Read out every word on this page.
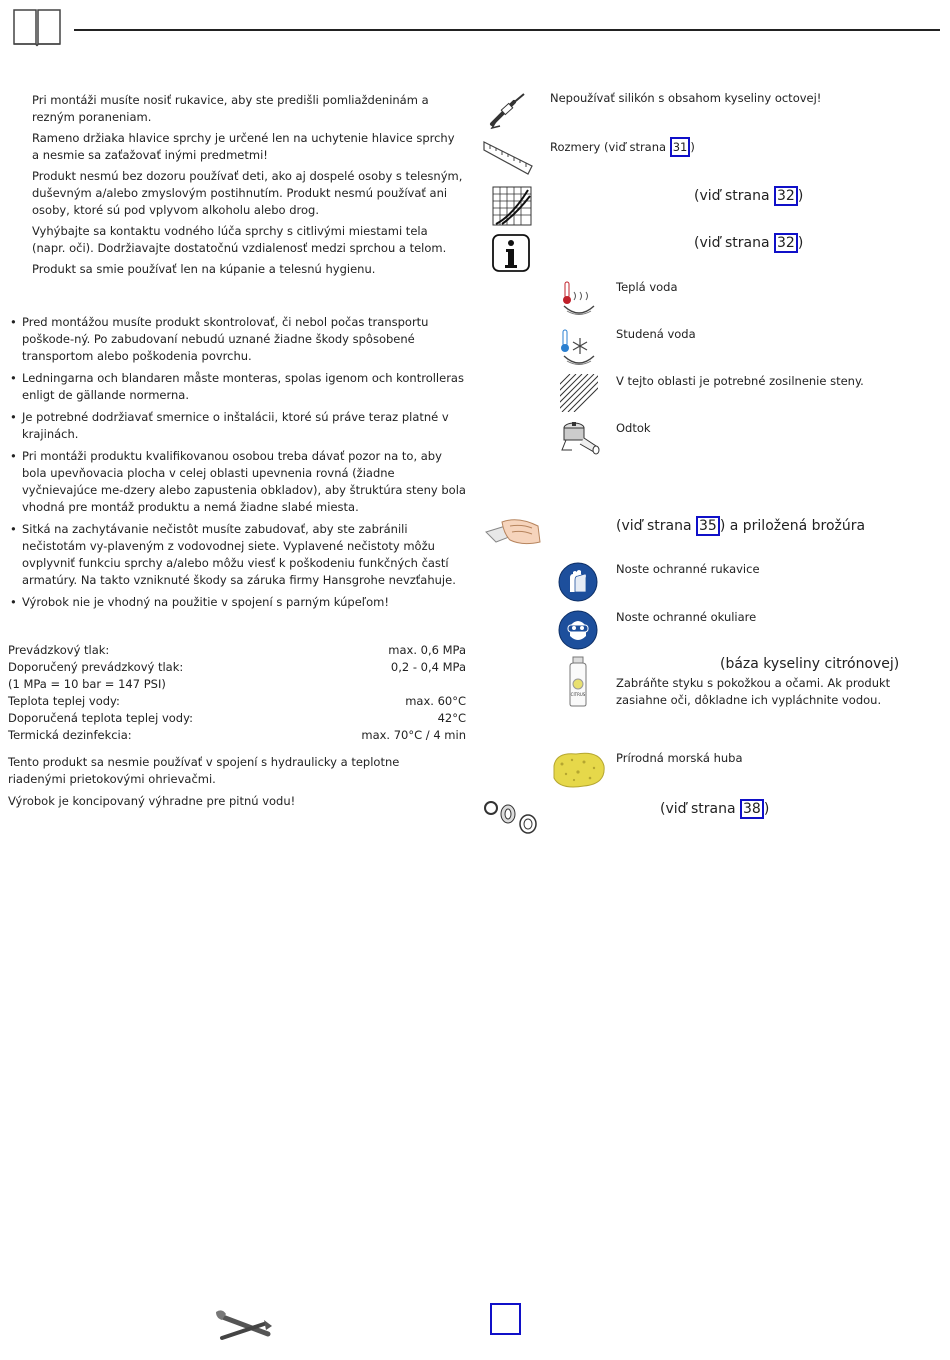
Pri montáži musíte nosiť rukavice, aby ste predišli pomliaždeninám a rezným poraneniam.

Rameno držiaka hlavice sprchy je určené len na uchytenie hlavice sprchy a nesmie sa zaťažovať inými predmetmi!

Produkt nesmú bez dozoru používať deti, ako aj dospelé osoby s telesným, duševným a/alebo zmyslovým postihnutím. Produkt nesmú používať ani osoby, ktoré sú pod vplyvom alkoholu alebo drog.

Vyhýbajte sa kontaktu vodného lúča sprchy s citlivými miestami tela (napr. oči). Dodržiavajte dostatočnú vzdialenosť medzi sprchou a telom.

Produkt sa smie používať len na kúpanie a telesnú hygienu.

• Pred montážou musíte produkt skontrolovať, či nebol počas transportu poškode-ný. Po zabudovaní nebudú uznané žiadne škody spôsobené transportom alebo poškodenia povrchu.
• Ledningarna och blandaren måste monteras, spolas igenom och kontrolleras enligt de gällande normerna.
• Je potrebné dodržiavať smernice o inštalácii, ktoré sú práve teraz platné v krajinách.
• Pri montáži produktu kvalifikovanou osobou treba dávať pozor na to, aby bola upevňovacia plocha v celej oblasti upevnenia rovná (žiadne vyčnievajúce me-dzery alebo zapustenia obkladov), aby štruktúra steny bola vhodná pre montáž produktu a nemá žiadne slabé miesta.
• Sitká na zachytávanie nečistôt musíte zabudovať, aby ste zabránili nečistotám vy-plaveným z vodovodnej siete. Vyplavené nečistoty môžu ovplyvniť funkciu sprchy a/alebo môžu viesť k poškodeniu funkčných častí armatúry. Na takto vzniknuté škody sa záruka firmy Hansgrohe nevzťahuje.
• Výrobok nie je vhodný na použitie v spojení s parným kúpeľom!
Prevádzkový tlak:	max. 0,6 MPa
Doporučený prevádzkový tlak:	0,2 - 0,4 MPa
(1 MPa = 10 bar = 147 PSI)
Teplota teplej vody:	max. 60°C
Doporučená teplota teplej vody:	42°C
Termická dezinfekcia:	max. 70°C / 4 min

Tento produkt sa nesmie používať v spojení s hydraulicky a teplotne riadenými prietokovými ohrievačmi.

Výrobok je koncipovaný výhradne pre pitnú vodu!

Nepoužívať silikón s obsahom kyseliny octovej!
Rozmery (viď strana 31 )
(viď strana 32 )
(viď strana 32 )
Teplá voda
Studená voda
V tejto oblasti je potrebné zosilnenie steny.
Odtok
(viď strana 35 ) a priložená brožúra
Noste ochranné rukavice
Noste ochranné okuliare
CITRUS
(báza kyseliny citrónovej)
Zabráňte styku s pokožkou a očami. Ak produkt zasiahne oči, dôkladne ich vypláchnite vodou.
Prírodná morská huba
(viď strana 38 )
